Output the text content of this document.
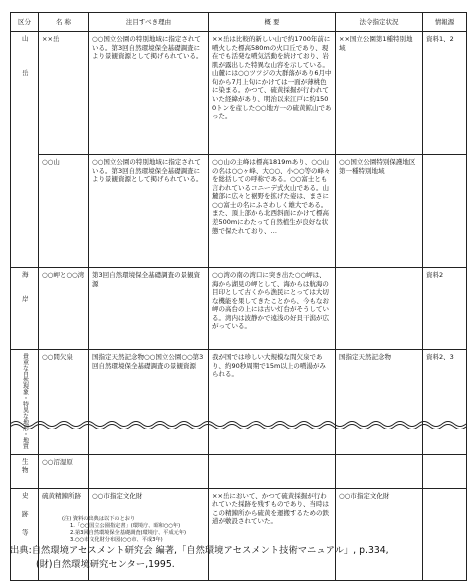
区分	名 称	注目すべき理由	概 要	法令指定状況	情報源
山岳	××岳	○○国立公園の特別地域に指定されている。第3回自然環境保全基礎調査により景観資源として掲げられている。	××岳は比較的新しい山で約1700年前に噴火した標高580mの火口丘であり、現在でも活発な噴気活動を続けており、岩肌が露出した特異な山容を示している。山麓には○○ツツジの大群落があり6月中旬から7月上旬にかけては一面が薄桃色に染まる。かつて、硫黄採掘が行われていた経緯があり、明治以来江戸に約1500トンを産した○○地方一の硫黄鉱山であった。	××国立公園第1種特別地域	資料1、2
	○○山	○○国立公園の特別地域に指定されている。第3回自然環境保全基礎調査により景観資源として掲げられている。	○○山の主峰は標高1819mあり、○○山の名は○○ヶ峰、大○○、小○○等の峰々を総括しての呼称である。○○富士とも言われているコニーデ式火山である。山麓部に広々と裾野を拡げた姿は、まさに○○富士の名にふさわしく雄大である。また、頂上部から北西斜面にかけて標高差500mにわたって自然植生が良好な状態で保たれており、…	○○国立公園特別保護地区第一種特別地域	
海岸	○○岬と○○湾	第3回自然環境保全基礎調査の景観資源	○○湾の南の湾口に突き出た○○岬は、海から湖見の岬として、海からは航海の目印として古くから漁民にとっては大切な機能を果してきたことから、今もなお岬の高台の上には古い灯台がそうしている。湾内は波静かで遠浅の好貝干潟が広がっている。		資料2
貴重な自然現象・特異な地形・地質	○○間欠泉	国指定天然記念物○○国立公園○○第3回自然環境保全基礎調査の景観資源	我が国では珍しい大規模な間欠泉であり、約90秒周期で15m以上の噴湯がみられる。	国指定天然記念物	資料2、3
生物	○○沼湿原				
史跡等	硫黄精錬所跡	○○市指定文化財	××岳において、かつて硫黄採掘が行われていた採跡を残すものであり、当時はこの精錬所から硫黄を運搬するための鉄道が敷設されていた。	○○市指定文化財	
(注) 資料の出典は以下のとおり
1.「○○国立公園指定書」(環境庁、昭和○○年)
2.第3回自然環境保全基礎調査(環境庁、平成元年)
3.○○市文化財分布図(○○市、平成3年)
出典:自然環境アセスメント研究会 編著,「自然環境アセスメント技術マニュアル」, p.334,
(財)自然環境研究センター,1995.
